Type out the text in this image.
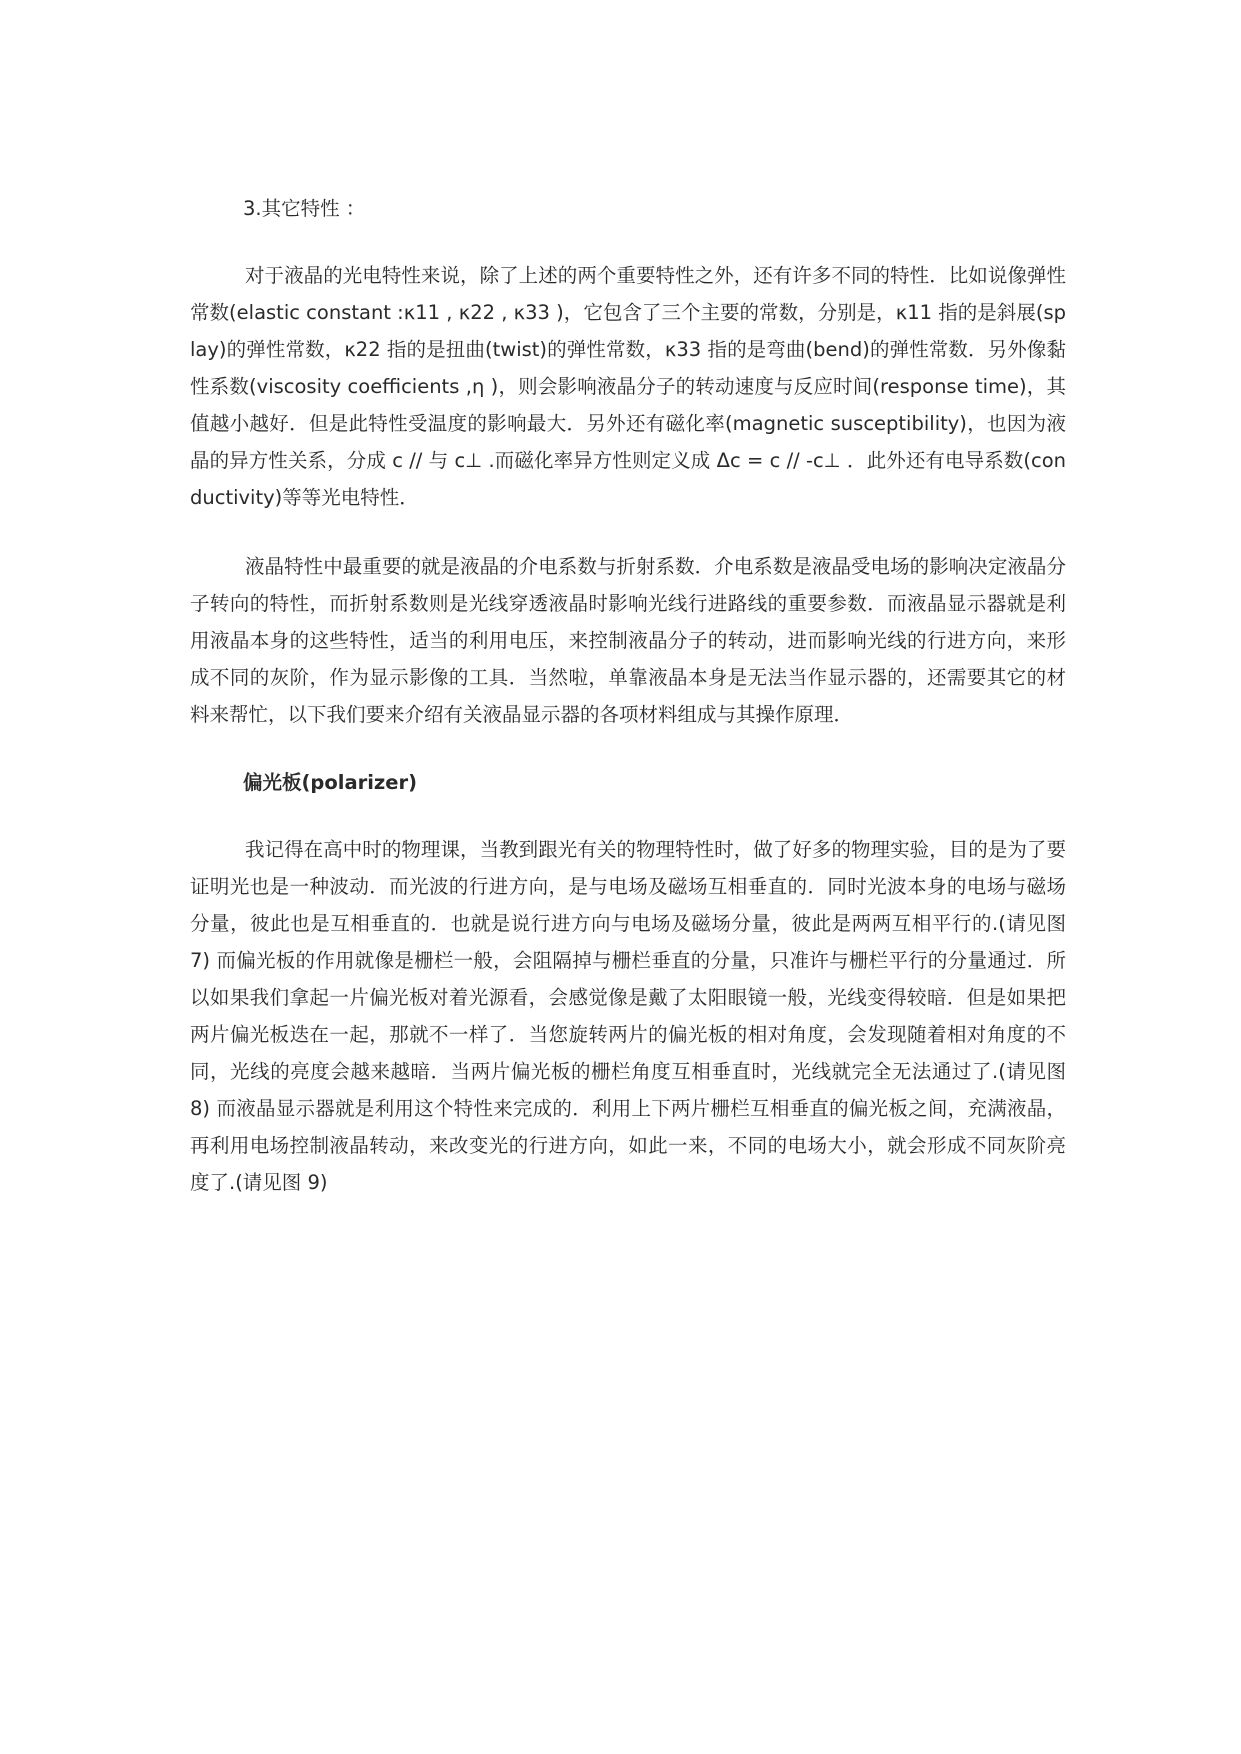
3.其它特性 ：

对于液晶的光电特性来说，除了上述的两个重要特性之外，还有许多不同的特性．比如说像弹性常数(elastic constant :κ11 , κ22 , κ33 )，它包含了三个主要的常数，分别是，κ11 指的是斜展(splay)的弹性常数，κ22 指的是扭曲(twist)的弹性常数，κ33 指的是弯曲(bend)的弹性常数．另外像黏性系数(viscosity coefficients ,η )，则会影响液晶分子的转动速度与反应时间(response time)，其值越小越好．但是此特性受温度的影响最大．另外还有磁化率(magnetic susceptibility)，也因为液晶的异方性关系，分成 c // 与 c⊥ .而磁化率异方性则定义成 Δc = c // -c⊥ ．此外还有电导系数(conductivity)等等光电特性．

液晶特性中最重要的就是液晶的介电系数与折射系数．介电系数是液晶受电场的影响决定液晶分子转向的特性，而折射系数则是光线穿透液晶时影响光线行进路线的重要参数．而液晶显示器就是利用液晶本身的这些特性，适当的利用电压，来控制液晶分子的转动，进而影响光线的行进方向，来形成不同的灰阶，作为显示影像的工具．当然啦，单靠液晶本身是无法当作显示器的，还需要其它的材料来帮忙，以下我们要来介绍有关液晶显示器的各项材料组成与其操作原理．

偏光板(polarizer)

我记得在高中时的物理课，当教到跟光有关的物理特性时，做了好多的物理实验，目的是为了要证明光也是一种波动．而光波的行进方向，是与电场及磁场互相垂直的．同时光波本身的电场与磁场分量，彼此也是互相垂直的．也就是说行进方向与电场及磁场分量，彼此是两两互相平行的.(请见图 7) 而偏光板的作用就像是栅栏一般，会阻隔掉与栅栏垂直的分量，只准许与栅栏平行的分量通过．所以如果我们拿起一片偏光板对着光源看，会感觉像是戴了太阳眼镜一般，光线变得较暗．但是如果把两片偏光板迭在一起，那就不一样了．当您旋转两片的偏光板的相对角度，会发现随着相对角度的不同，光线的亮度会越来越暗．当两片偏光板的栅栏角度互相垂直时，光线就完全无法通过了.(请见图 8) 而液晶显示器就是利用这个特性来完成的．利用上下两片栅栏互相垂直的偏光板之间，充满液晶，再利用电场控制液晶转动，来改变光的行进方向，如此一来，不同的电场大小，就会形成不同灰阶亮度了.(请见图 9)
